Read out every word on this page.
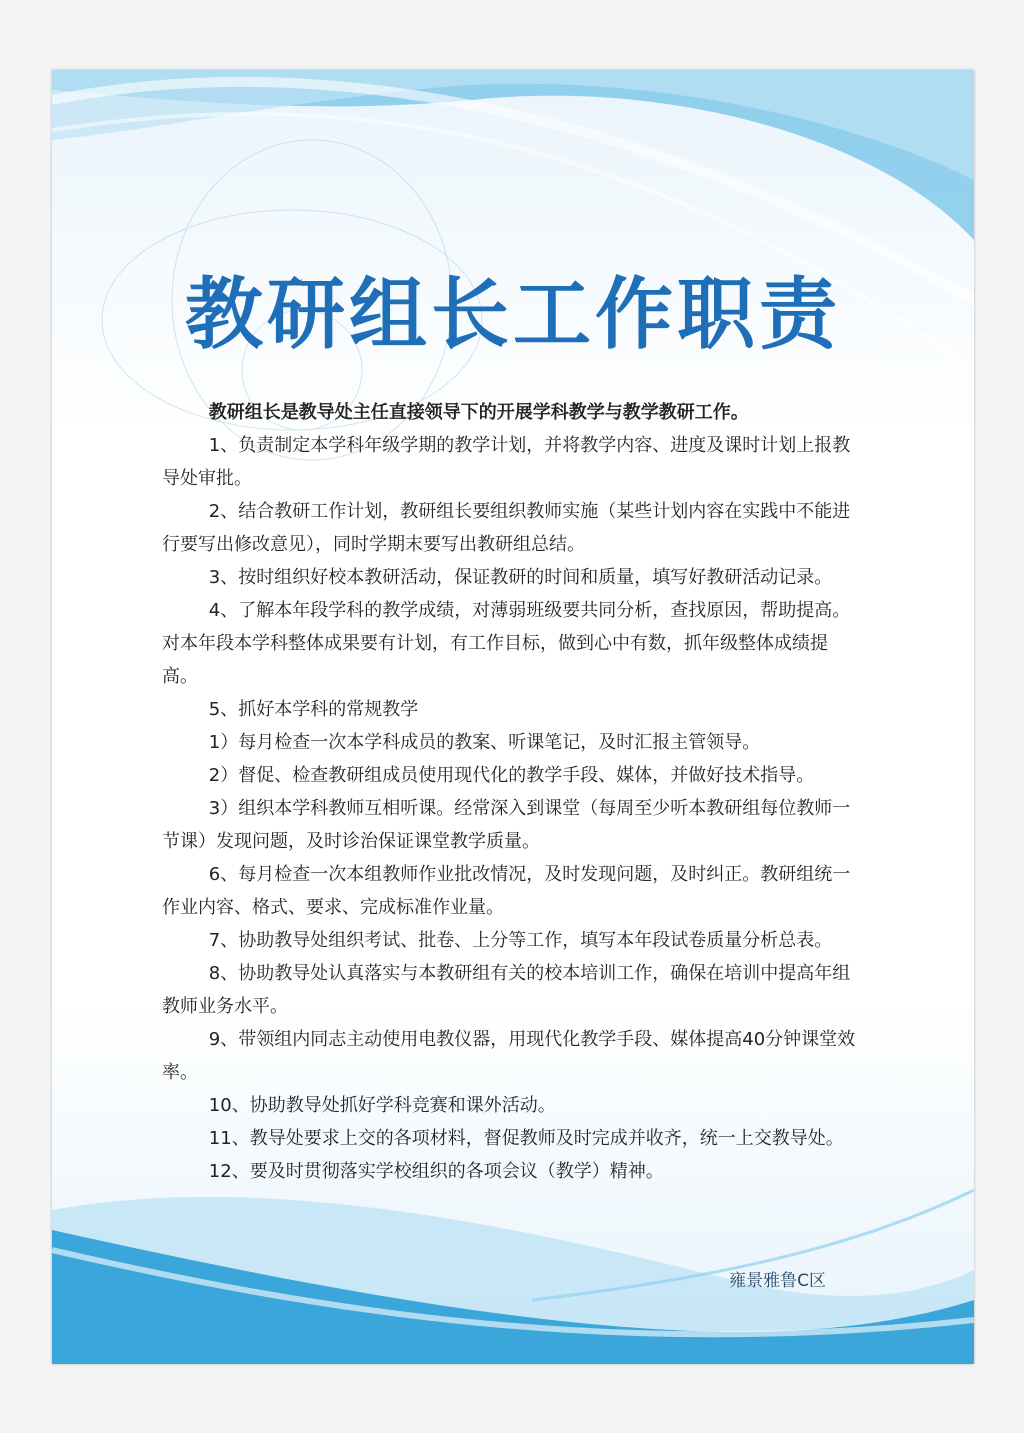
教研组长工作职责

教研组长是教导处主任直接领导下的开展学科教学与教学教研工作。

1、负责制定本学科年级学期的教学计划，并将教学内容、进度及课时计划上报教导处审批。

2、结合教研工作计划，教研组长要组织教师实施（某些计划内容在实践中不能进行要写出修改意见），同时学期末要写出教研组总结。

3、按时组织好校本教研活动，保证教研的时间和质量，填写好教研活动记录。

4、了解本年段学科的教学成绩，对薄弱班级要共同分析，查找原因，帮助提高。对本年段本学科整体成果要有计划，有工作目标，做到心中有数，抓年级整体成绩提高。

5、抓好本学科的常规教学

1）每月检查一次本学科成员的教案、听课笔记，及时汇报主管领导。

2）督促、检查教研组成员使用现代化的教学手段、媒体，并做好技术指导。

3）组织本学科教师互相听课。经常深入到课堂（每周至少听本教研组每位教师一节课）发现问题，及时诊治保证课堂教学质量。

6、每月检查一次本组教师作业批改情况，及时发现问题，及时纠正。教研组统一作业内容、格式、要求、完成标准作业量。

7、协助教导处组织考试、批卷、上分等工作，填写本年段试卷质量分析总表。

8、协助教导处认真落实与本教研组有关的校本培训工作，确保在培训中提高年组教师业务水平。

9、带领组内同志主动使用电教仪器，用现代化教学手段、媒体提高40分钟课堂效率。

10、协助教导处抓好学科竞赛和课外活动。

11、教导处要求上交的各项材料，督促教师及时完成并收齐，统一上交教导处。

12、要及时贯彻落实学校组织的各项会议（教学）精神。

雍景雅鲁C区
